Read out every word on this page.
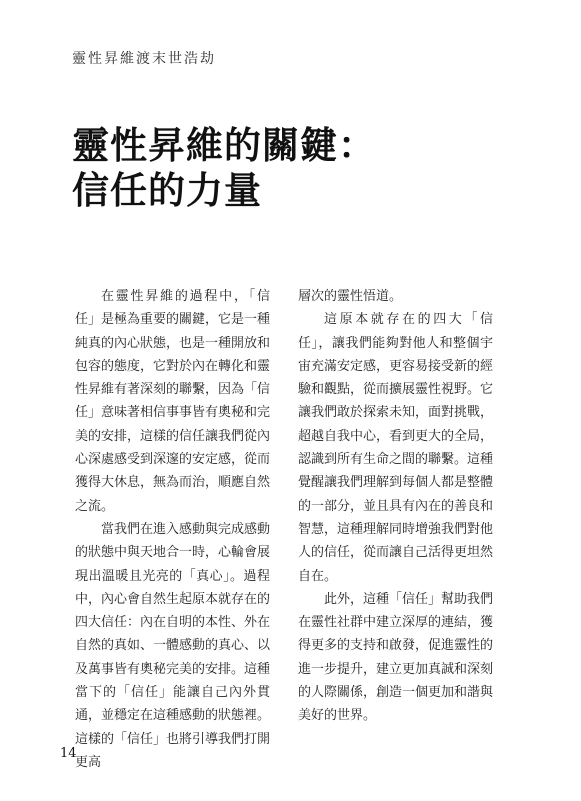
靈性昇維渡末世浩劫
靈性昇維的關鍵：
信任的力量

在靈性昇維的過程中，「信任」是極為重要的關鍵，它是一種純真的內心狀態，也是一種開放和包容的態度，它對於內在轉化和靈性昇維有著深刻的聯繫，因為「信任」意味著相信事事皆有奧秘和完美的安排，這樣的信任讓我們從內心深處感受到深邃的安定感，從而獲得大休息，無為而治，順應自然之流。

當我們在進入感動與完成感動的狀態中與天地合一時，心輪會展現出溫暖且光亮的「真心」。過程中，內心會自然生起原本就存在的四大信任：內在自明的本性、外在自然的真如、一體感動的真心、以及萬事皆有奧秘完美的安排。這種當下的「信任」能讓自己內外貫通，並穩定在這種感動的狀態裡。這樣的「信任」也將引導我們打開更高

層次的靈性悟道。

這原本就存在的四大「信任」，讓我們能夠對他人和整個宇宙充滿安定感，更容易接受新的經驗和觀點，從而擴展靈性視野。它讓我們敢於探索未知，面對挑戰，超越自我中心，看到更大的全局，認識到所有生命之間的聯繫。這種覺醒讓我們理解到每個人都是整體的一部分，並且具有內在的善良和智慧，這種理解同時增強我們對他人的信任，從而讓自己活得更坦然自在。

此外，這種「信任」幫助我們在靈性社群中建立深厚的連結，獲得更多的支持和啟發，促進靈性的進一步提升，建立更加真誠和深刻的人際關係，創造一個更加和諧與美好的世界。

14
